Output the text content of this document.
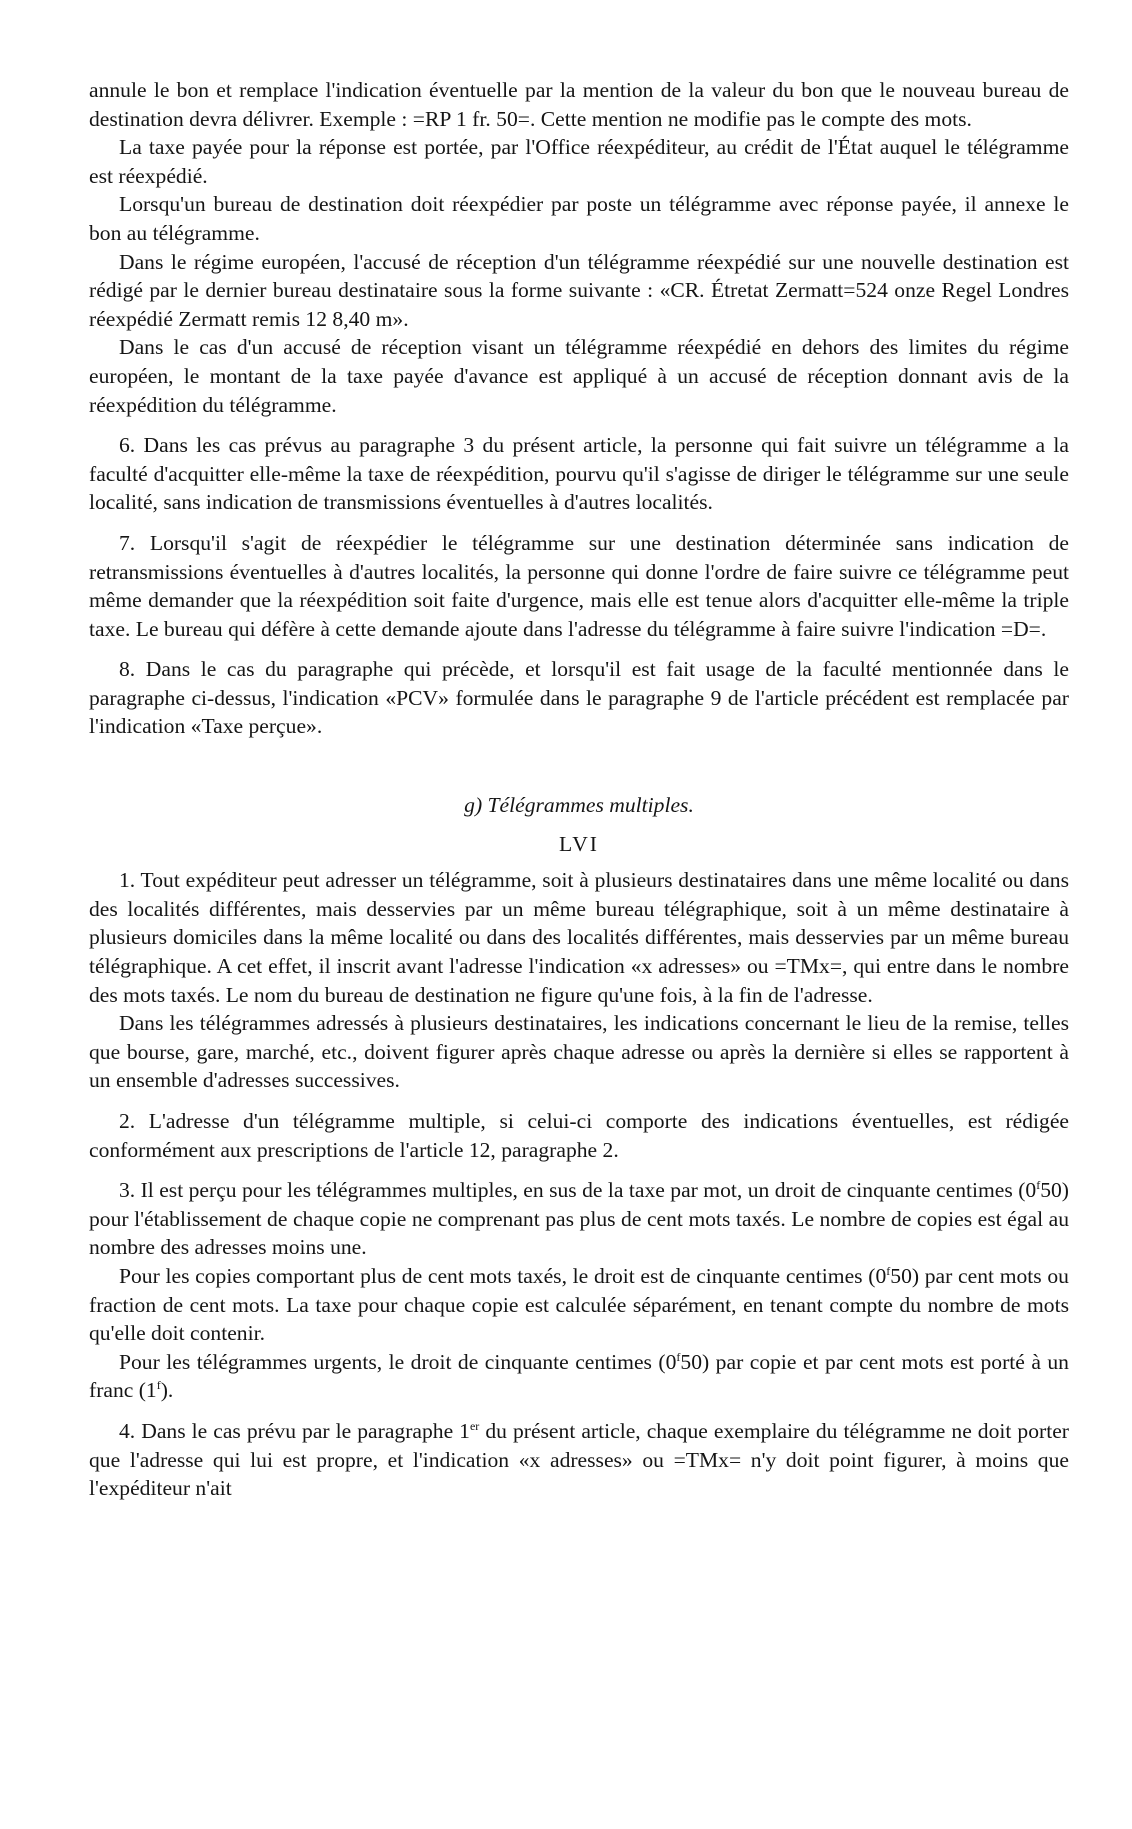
annule le bon et remplace l'indication éventuelle par la mention de la valeur du bon que le nouveau bureau de destination devra délivrer. Exemple : =RP 1 fr. 50=. Cette mention ne modifie pas le compte des mots.

La taxe payée pour la réponse est portée, par l'Office réexpéditeur, au crédit de l'État auquel le télégramme est réexpédié.

Lorsqu'un bureau de destination doit réexpédier par poste un télégramme avec réponse payée, il annexe le bon au télégramme.

Dans le régime européen, l'accusé de réception d'un télégramme réexpédié sur une nouvelle destination est rédigé par le dernier bureau destinataire sous la forme suivante : «CR. Étretat Zermatt=524 onze Regel Londres réexpédié Zermatt remis 12 8,40 m».

Dans le cas d'un accusé de réception visant un télégramme réexpédié en dehors des limites du régime européen, le montant de la taxe payée d'avance est appliqué à un accusé de réception donnant avis de la réexpédition du télégramme.

6. Dans les cas prévus au paragraphe 3 du présent article, la personne qui fait suivre un télégramme a la faculté d'acquitter elle-même la taxe de réexpédition, pourvu qu'il s'agisse de diriger le télégramme sur une seule localité, sans indication de transmissions éventuelles à d'autres localités.

7. Lorsqu'il s'agit de réexpédier le télégramme sur une destination déterminée sans indication de retransmissions éventuelles à d'autres localités, la personne qui donne l'ordre de faire suivre ce télégramme peut même demander que la réexpédition soit faite d'urgence, mais elle est tenue alors d'acquitter elle-même la triple taxe. Le bureau qui défère à cette demande ajoute dans l'adresse du télégramme à faire suivre l'indication =D=.

8. Dans le cas du paragraphe qui précède, et lorsqu'il est fait usage de la faculté mentionnée dans le paragraphe ci-dessus, l'indication «PCV» formulée dans le paragraphe 9 de l'article précédent est remplacée par l'indication «Taxe perçue».

g) Télégrammes multiples.

LVI

1. Tout expéditeur peut adresser un télégramme, soit à plusieurs destinataires dans une même localité ou dans des localités différentes, mais desservies par un même bureau télégraphique, soit à un même destinataire à plusieurs domiciles dans la même localité ou dans des localités différentes, mais desservies par un même bureau télégraphique. A cet effet, il inscrit avant l'adresse l'indication «x adresses» ou =TMx=, qui entre dans le nombre des mots taxés. Le nom du bureau de destination ne figure qu'une fois, à la fin de l'adresse.

Dans les télégrammes adressés à plusieurs destinataires, les indications concernant le lieu de la remise, telles que bourse, gare, marché, etc., doivent figurer après chaque adresse ou après la dernière si elles se rapportent à un ensemble d'adresses successives.

2. L'adresse d'un télégramme multiple, si celui-ci comporte des indications éventuelles, est rédigée conformément aux prescriptions de l'article 12, paragraphe 2.

3. Il est perçu pour les télégrammes multiples, en sus de la taxe par mot, un droit de cinquante centimes (0$^f$50) pour l'établissement de chaque copie ne comprenant pas plus de cent mots taxés. Le nombre de copies est égal au nombre des adresses moins une.

Pour les copies comportant plus de cent mots taxés, le droit est de cinquante centimes (0$^f$50) par cent mots ou fraction de cent mots. La taxe pour chaque copie est calculée séparément, en tenant compte du nombre de mots qu'elle doit contenir.

Pour les télégrammes urgents, le droit de cinquante centimes (0$^f$50) par copie et par cent mots est porté à un franc (1$^f$).

4. Dans le cas prévu par le paragraphe 1er du présent article, chaque exemplaire du télégramme ne doit porter que l'adresse qui lui est propre, et l'indication «x adresses» ou =TMx= n'y doit point figurer, à moins que l'expéditeur n'ait
